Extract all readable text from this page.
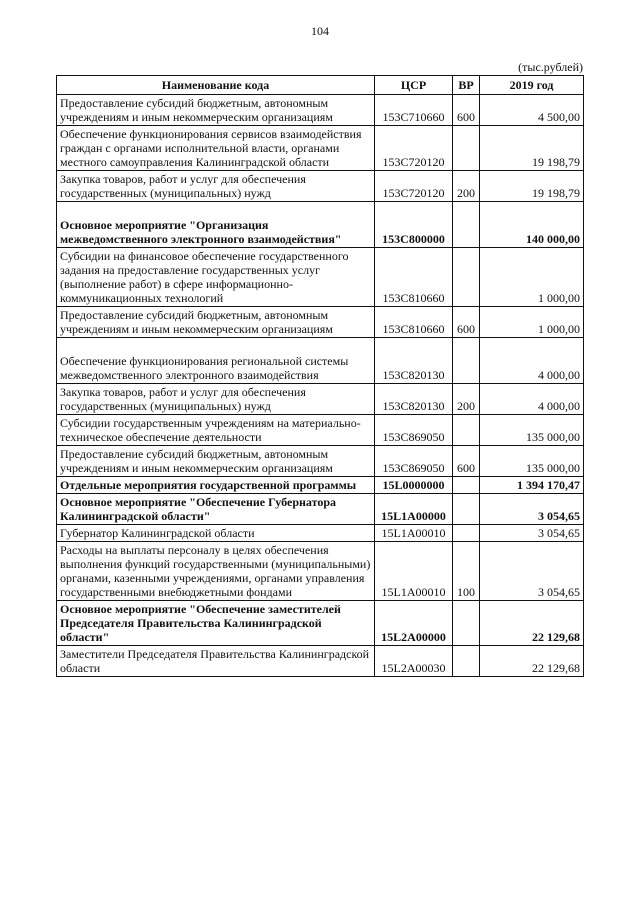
104
(тыс.рублей)
Наименование кода	ЦСР	ВР	2019 год
Предоставление субсидий бюджетным, автономным учреждениям и иным некоммерческим организациям	153C710660	600	4 500,00
Обеспечение функционирования сервисов взаимодействия граждан с органами исполнительной власти, органами местного самоуправления Калининградской области	153C720120		19 198,79
Закупка товаров, работ и услуг для обеспечения государственных (муниципальных) нужд	153C720120	200	19 198,79
Основное мероприятие "Организация межведомственного электронного взаимодействия"	153C800000		140 000,00
Субсидии на финансовое обеспечение государственного задания на предоставление государственных услуг (выполнение работ) в сфере информационно-коммуникационных технологий	153C810660		1 000,00
Предоставление субсидий бюджетным, автономным учреждениям и иным некоммерческим организациям	153C810660	600	1 000,00
Обеспечение функционирования региональной системы межведомственного электронного взаимодействия	153C820130		4 000,00
Закупка товаров, работ и услуг для обеспечения государственных (муниципальных) нужд	153C820130	200	4 000,00
Субсидии государственным учреждениям на материально-техническое обеспечение деятельности	153C869050		135 000,00
Предоставление субсидий бюджетным, автономным учреждениям и иным некоммерческим организациям	153C869050	600	135 000,00
Отдельные мероприятия государственной программы	15L0000000		1 394 170,47
Основное мероприятие "Обеспечение Губернатора Калининградской области"	15L1A00000		3 054,65
Губернатор Калининградской области	15L1A00010		3 054,65
Расходы на выплаты персоналу в целях обеспечения выполнения функций государственными (муниципальными) органами, казенными учреждениями, органами управления государственными внебюджетными фондами	15L1A00010	100	3 054,65
Основное мероприятие "Обеспечение заместителей Председателя Правительства Калининградской области"	15L2A00000		22 129,68
Заместители Председателя Правительства Калининградской области	15L2A00030		22 129,68
